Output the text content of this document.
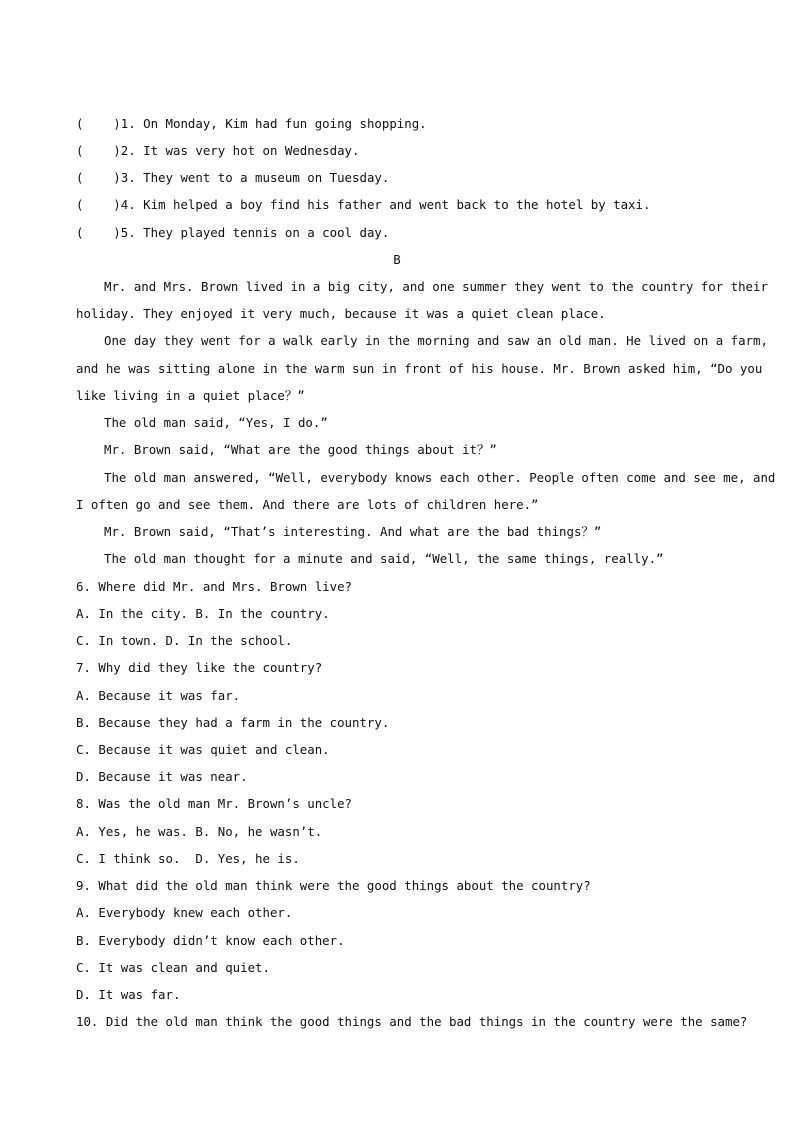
(    )1. On Monday, Kim had fun going shopping.
(    )2. It was very hot on Wednesday.
(    )3. They went to a museum on Tuesday.
(    )4. Kim helped a boy find his father and went back to the hotel by taxi.
(    )5. They played tennis on a cool day.
B
Mr. and Mrs. Brown lived in a big city, and one summer they went to the country for their
holiday. They enjoyed it very much, because it was a quiet clean place.
One day they went for a walk early in the morning and saw an old man. He lived on a farm,
and he was sitting alone in the warm sun in front of his house. Mr. Brown asked him, “Do you
like living in a quiet place？”
The old man said, “Yes, I do.”
Mr. Brown said, “What are the good things about it？”
The old man answered, “Well, everybody knows each other. People often come and see me, and
I often go and see them. And there are lots of children here.”
Mr. Brown said, “That’s interesting. And what are the bad things？”
The old man thought for a minute and said, “Well, the same things, really.”
6. Where did Mr. and Mrs. Brown live?
A. In the city. B. In the country.
C. In town. D. In the school.
7. Why did they like the country?
A. Because it was far.
B. Because they had a farm in the country.
C. Because it was quiet and clean.
D. Because it was near.
8. Was the old man Mr. Brown’s uncle?
A. Yes, he was. B. No, he wasn’t.
C. I think so.  D. Yes, he is.
9. What did the old man think were the good things about the country?
A. Everybody knew each other.
B. Everybody didn’t know each other.
C. It was clean and quiet.
D. It was far.
10. Did the old man think the good things and the bad things in the country were the same?
